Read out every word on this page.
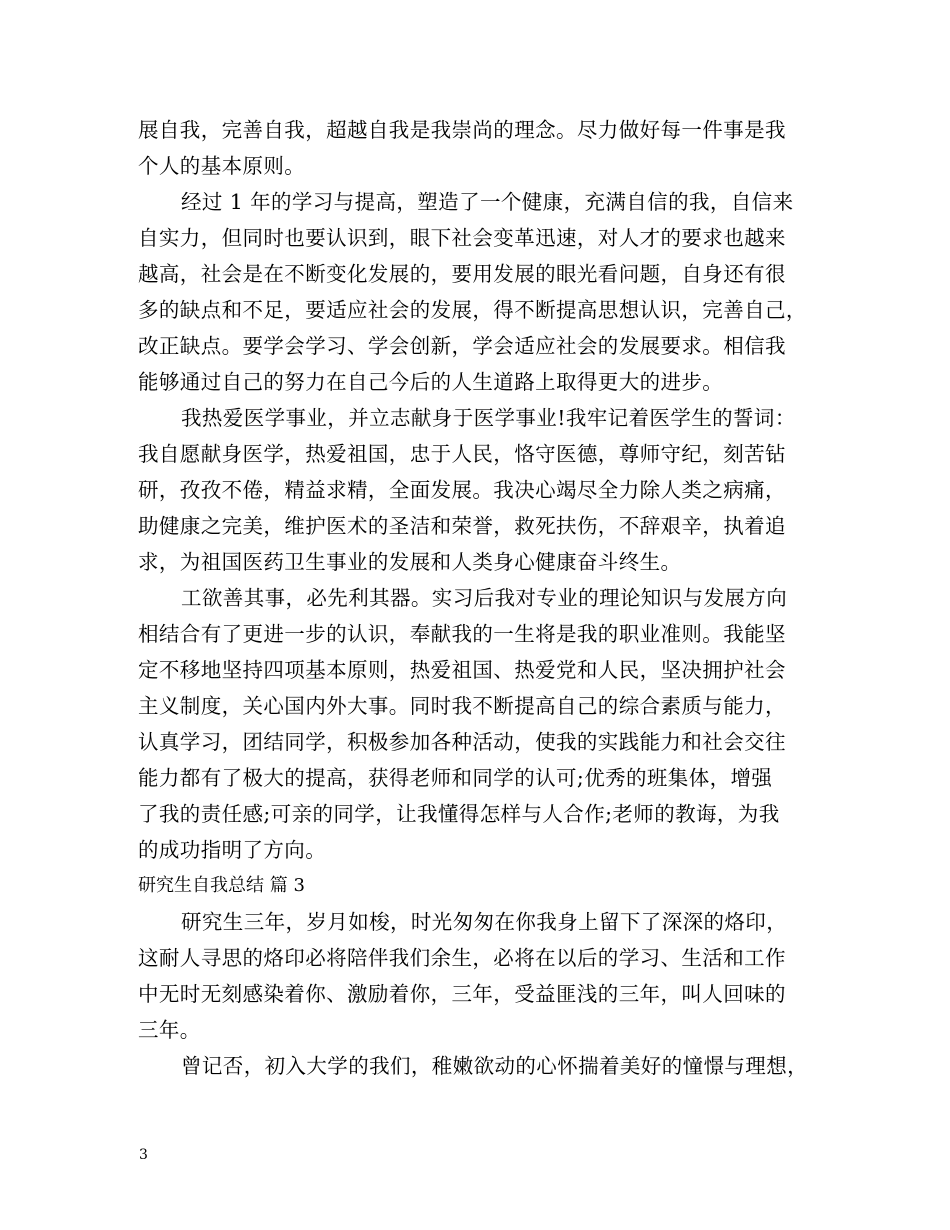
展自我，完善自我，超越自我是我崇尚的理念。尽力做好每一件事是我
个人的基本原则。
经过 1 年的学习与提高，塑造了一个健康，充满自信的我，自信来
自实力，但同时也要认识到，眼下社会变革迅速，对人才的要求也越来
越高，社会是在不断变化发展的，要用发展的眼光看问题，自身还有很
多的缺点和不足，要适应社会的发展，得不断提高思想认识，完善自己，
改正缺点。要学会学习、学会创新，学会适应社会的发展要求。相信我
能够通过自己的努力在自己今后的人生道路上取得更大的进步。
我热爱医学事业，并立志献身于医学事业!我牢记着医学生的誓词：
我自愿献身医学，热爱祖国，忠于人民，恪守医德，尊师守纪，刻苦钻
研，孜孜不倦，精益求精，全面发展。我决心竭尽全力除人类之病痛，
助健康之完美，维护医术的圣洁和荣誉，救死扶伤，不辞艰辛，执着追
求，为祖国医药卫生事业的发展和人类身心健康奋斗终生。
工欲善其事，必先利其器。实习后我对专业的理论知识与发展方向
相结合有了更进一步的认识，奉献我的一生将是我的职业准则。我能坚
定不移地坚持四项基本原则，热爱祖国、热爱党和人民，坚决拥护社会
主义制度，关心国内外大事。同时我不断提高自己的综合素质与能力，
认真学习，团结同学，积极参加各种活动，使我的实践能力和社会交往
能力都有了极大的提高，获得老师和同学的认可;优秀的班集体，增强
了我的责任感;可亲的同学，让我懂得怎样与人合作;老师的教诲，为我
的成功指明了方向。
研究生自我总结 篇 3
研究生三年，岁月如梭，时光匆匆在你我身上留下了深深的烙印，
这耐人寻思的烙印必将陪伴我们余生，必将在以后的学习、生活和工作
中无时无刻感染着你、激励着你，三年，受益匪浅的三年，叫人回味的
三年。
曾记否，初入大学的我们，稚嫩欲动的心怀揣着美好的憧憬与理想，
3
